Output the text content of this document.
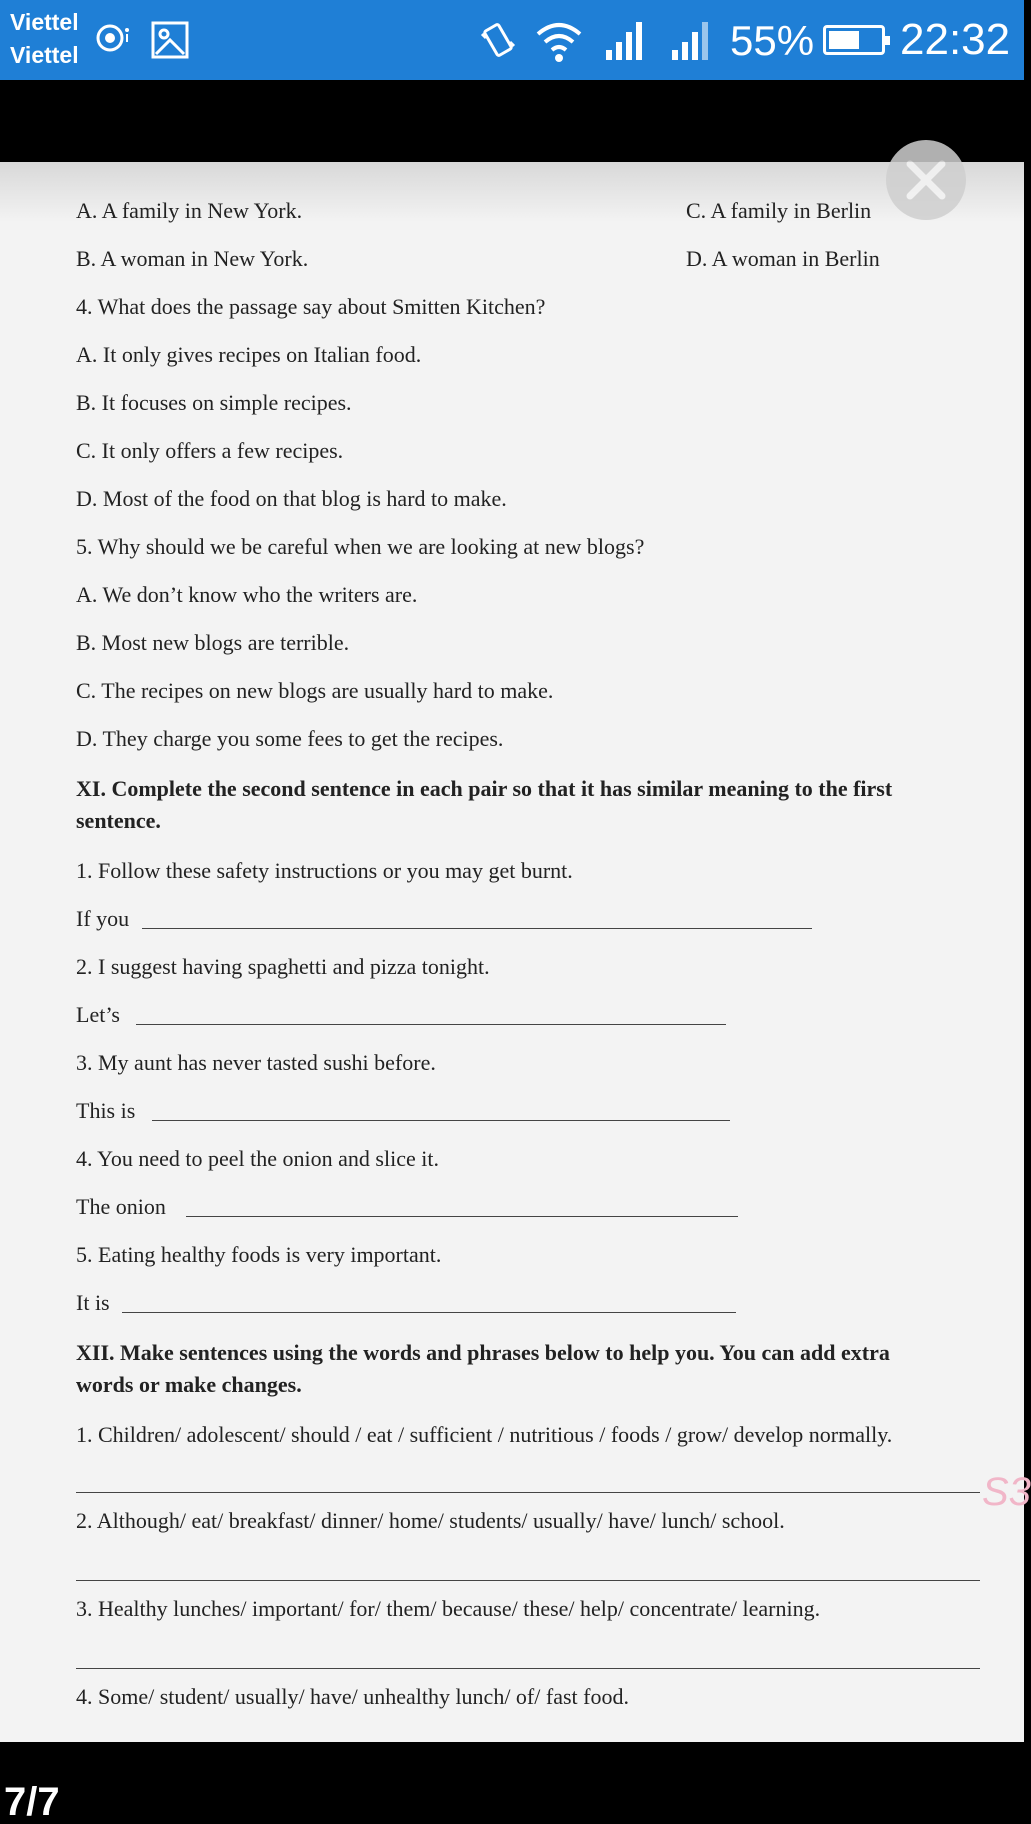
Viettel
Viettel	55% 22:32
A. A family in New York.	C. A family in Berlin
B. A woman in New York.	D. A woman in Berlin
4. What does the passage say about Smitten Kitchen?
A. It only gives recipes on Italian food.
B. It focuses on simple recipes.
C. It only offers a few recipes.
D. Most of the food on that blog is hard to make.
5. Why should we be careful when we are looking at new blogs?
A. We don’t know who the writers are.
B. Most new blogs are terrible.
C. The recipes on new blogs are usually hard to make.
D. They charge you some fees to get the recipes.
XI. Complete the second sentence in each pair so that it has similar meaning to the first
sentence.
1. Follow these safety instructions or you may get burnt.
If you
2. I suggest having spaghetti and pizza tonight.
Let’s
3. My aunt has never tasted sushi before.
This is
4. You need to peel the onion and slice it.
The onion
5. Eating healthy foods is very important.
It is
XII. Make sentences using the words and phrases below to help you. You can add extra
words or make changes.
1. Children/ adolescent/ should / eat / sufficient / nutritious / foods / grow/ develop normally.
2. Although/ eat/ breakfast/ dinner/ home/ students/ usually/ have/ lunch/ school.
3. Healthy lunches/ important/ for/ them/ because/ these/ help/ concentrate/ learning.
4. Some/ student/ usually/ have/ unhealthy lunch/ of/ fast food.
S3
7/7
